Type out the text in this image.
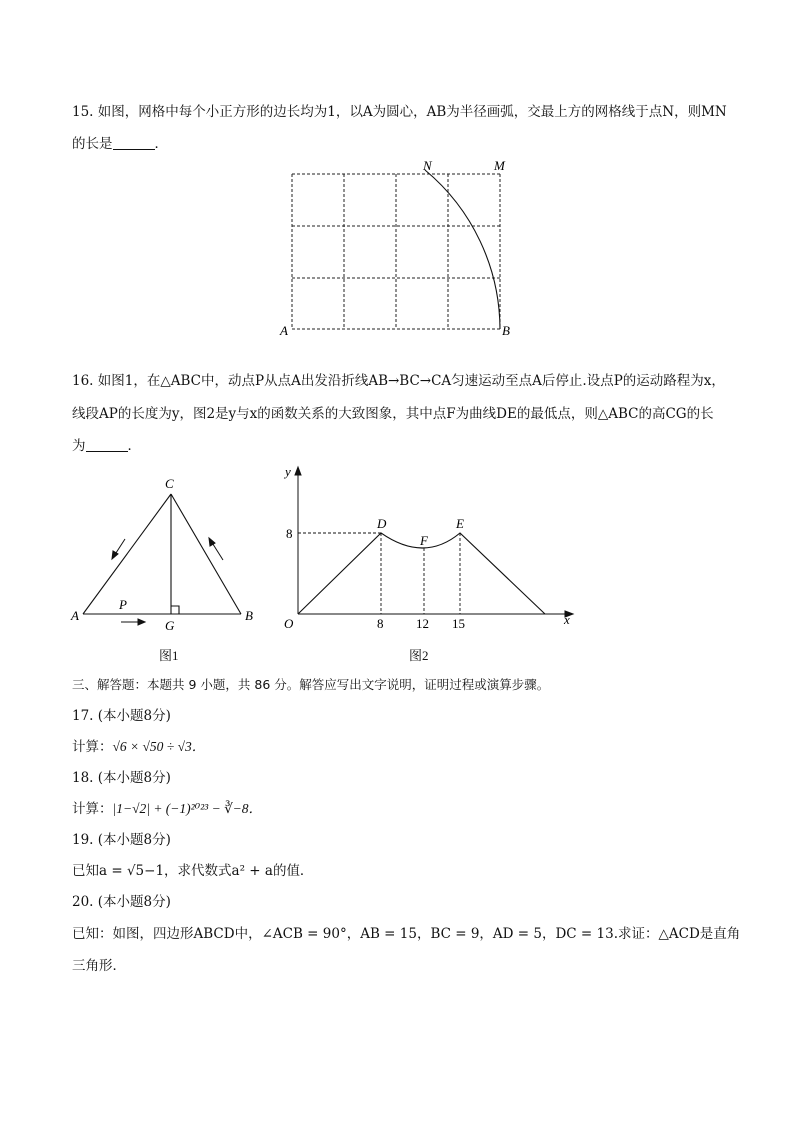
15. 如图，网格中每个小正方形的边长均为1，以A为圆心，AB为半径画弧，交最上方的网格线于点N，则MN
的长是	．
A	B
N	M
16. 如图1，在△ABC中，动点P从点A出发沿折线AB→BC→CA匀速运动至点A后停止.设点P的运动路程为x，
线段AP的长度为y，图2是y与x的函数关系的大致图象，其中点F为曲线DE的最低点，则△ABC的高CG的长
为	．
A	B
C
G
P
图1
y
x
O
8
8	12 15
D	E
F
图2
三、解答题：本题共 9 小题，共 86 分。解答应写出文字说明，证明过程或演算步骤。
17. (本小题8分)
计算：√6 × √50 ÷ √3．
18. (本小题8分)
计算：|1−√2| + (−1)²⁰²³ − ∛−8．
19. (本小题8分)
已知a = √5−1，求代数式a² + a的值．
20. (本小题8分)
已知：如图，四边形ABCD中，∠ACB = 90°，AB = 15，BC = 9，AD = 5，DC = 13.求证：△ACD是直角
三角形．
